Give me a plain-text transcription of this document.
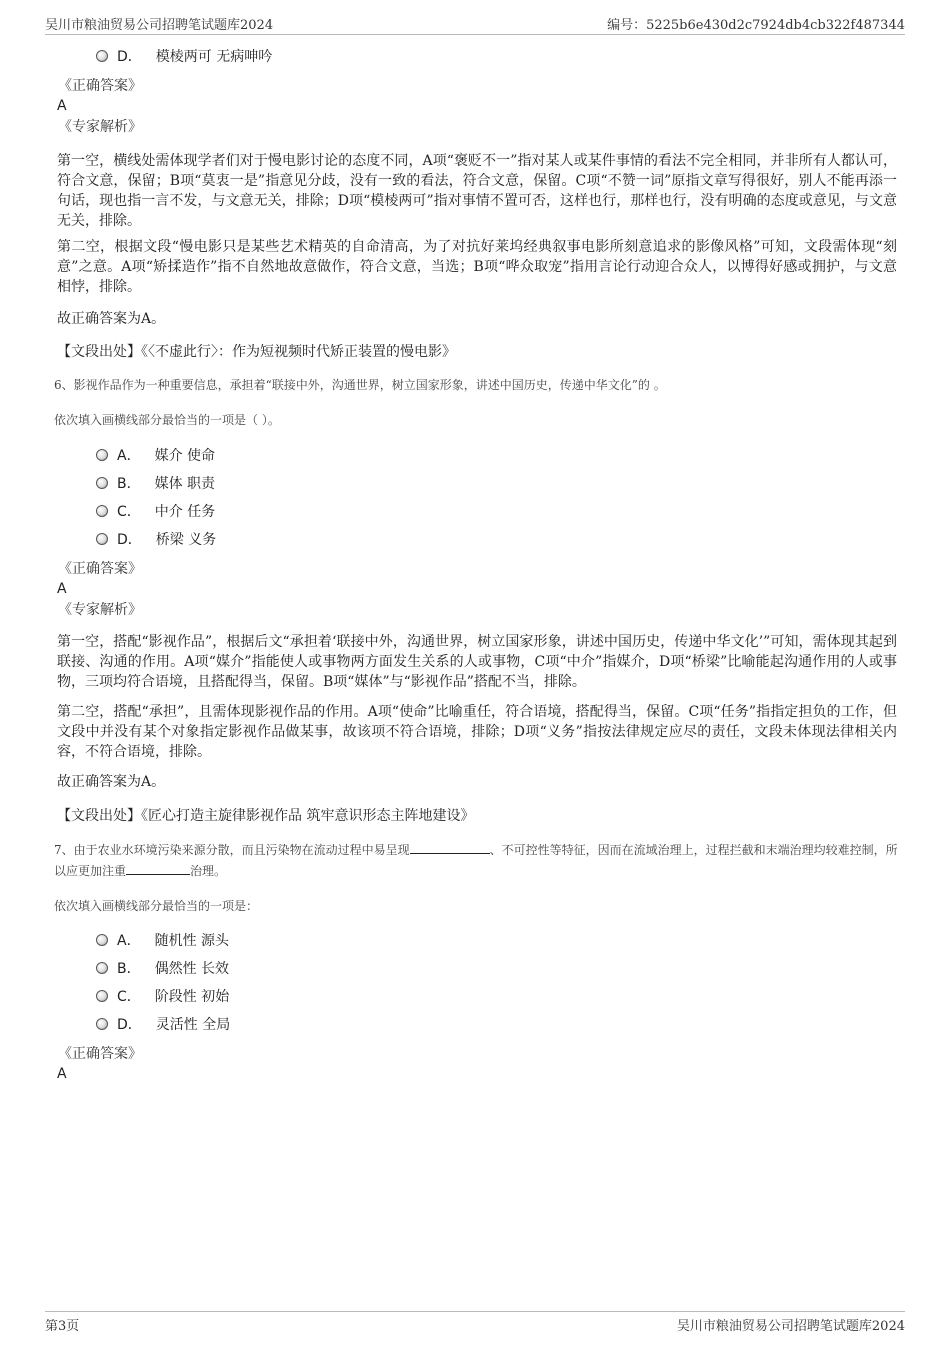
吴川市粮油贸易公司招聘笔试题库2024	编号：5225b6e430d2c7924db4cb322f487344
D． 模棱两可 无病呻吟
《正确答案》
A
《专家解析》
第一空，横线处需体现学者们对于慢电影讨论的态度不同，A项“褒贬不一”指对某人或某件事情的看法不完全相同，并非所有人都认可，符合文意，保留；B项“莫衷一是”指意见分歧，没有一致的看法，符合文意，保留。C项“不赞一词”原指文章写得很好，别人不能再添一句话，现也指一言不发，与文意无关，排除；D项“模棱两可”指对事情不置可否，这样也行，那样也行，没有明确的态度或意见，与文意无关，排除。
第二空，根据文段“慢电影只是某些艺术精英的自命清高，为了对抗好莱坞经典叙事电影所刻意追求的影像风格”可知，文段需体现“刻意”之意。A项“矫揉造作”指不自然地故意做作，符合文意，当选；B项“哗众取宠”指用言论行动迎合众人，以博得好感或拥护，与文意相悖，排除。
故正确答案为A。
【文段出处】《〈不虚此行〉：作为短视频时代矫正装置的慢电影》
6、影视作品作为一种重要信息，承担着“联接中外，沟通世界，树立国家形象，讲述中国历史，传递中华文化”的 。
依次填入画横线部分最恰当的一项是（ ）。
A． 媒介 使命
B． 媒体 职责
C． 中介 任务
D． 桥梁 义务
《正确答案》
A
《专家解析》
第一空，搭配“影视作品”，根据后文“承担着‘联接中外，沟通世界，树立国家形象，讲述中国历史，传递中华文化’”可知，需体现其起到联接、沟通的作用。A项“媒介”指能使人或事物两方面发生关系的人或事物，C项“中介”指媒介，D项“桥梁”比喻能起沟通作用的人或事物，三项均符合语境，且搭配得当，保留。B项“媒体”与“影视作品”搭配不当，排除。
第二空，搭配“承担”，且需体现影视作品的作用。A项“使命”比喻重任，符合语境，搭配得当，保留。C项“任务”指指定担负的工作，但文段中并没有某个对象指定影视作品做某事，故该项不符合语境，排除；D项“义务”指按法律规定应尽的责任，文段未体现法律相关内容，不符合语境，排除。
故正确答案为A。
【文段出处】《匠心打造主旋律影视作品 筑牢意识形态主阵地建设》
7、由于农业水环境污染来源分散，而且污染物在流动过程中易呈现	、不可控性等特征，因而在流域治理上，过程拦截和末端治理均较难控制，所以应更加注重	治理。
依次填入画横线部分最恰当的一项是：
A． 随机性 源头
B． 偶然性 长效
C． 阶段性 初始
D． 灵活性 全局
《正确答案》
A
第3页	吴川市粮油贸易公司招聘笔试题库2024
